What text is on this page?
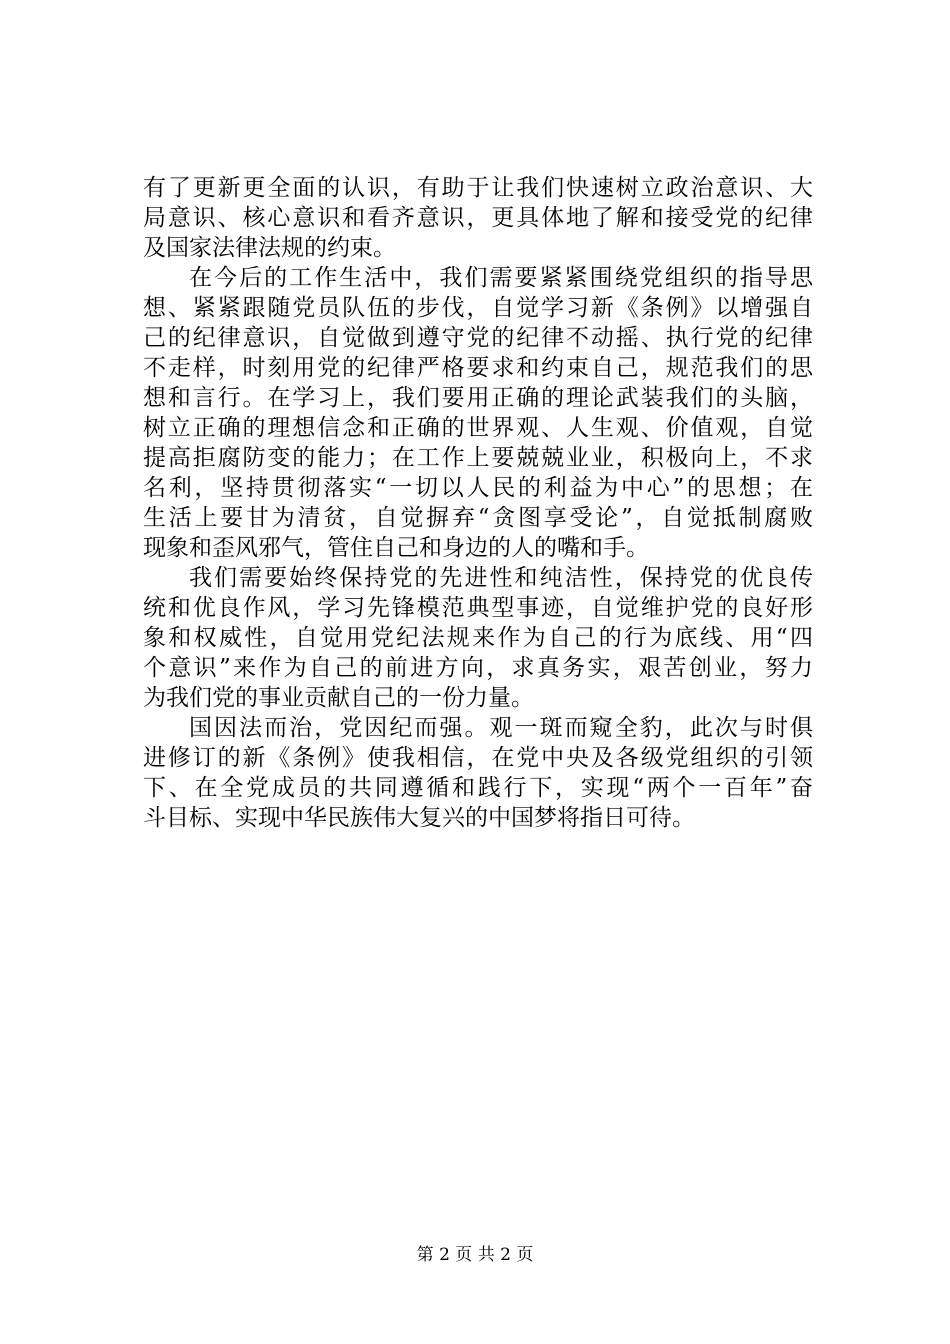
有了更新更全面的认识，有助于让我们快速树立政治意识、大
局意识、核心意识和看齐意识，更具体地了解和接受党的纪律
及国家法律法规的约束。
在今后的工作生活中，我们需要紧紧围绕党组织的指导思
想、紧紧跟随党员队伍的步伐，自觉学习新《条例》以增强自
己的纪律意识，自觉做到遵守党的纪律不动摇、执行党的纪律
不走样，时刻用党的纪律严格要求和约束自己，规范我们的思
想和言行。在学习上，我们要用正确的理论武装我们的头脑，
树立正确的理想信念和正确的世界观、人生观、价值观，自觉
提高拒腐防变的能力；在工作上要兢兢业业，积极向上，不求
名利，坚持贯彻落实“一切以人民的利益为中心”的思想；在
生活上要甘为清贫，自觉摒弃“贪图享受论”，自觉抵制腐败
现象和歪风邪气，管住自己和身边的人的嘴和手。
我们需要始终保持党的先进性和纯洁性，保持党的优良传
统和优良作风，学习先锋模范典型事迹，自觉维护党的良好形
象和权威性，自觉用党纪法规来作为自己的行为底线、用“四
个意识”来作为自己的前进方向，求真务实，艰苦创业，努力
为我们党的事业贡献自己的一份力量。
国因法而治，党因纪而强。观一斑而窥全豹，此次与时俱
进修订的新《条例》使我相信，在党中央及各级党组织的引领
下、在全党成员的共同遵循和践行下，实现“两个一百年”奋
斗目标、实现中华民族伟大复兴的中国梦将指日可待。
第 2 页 共 2 页
